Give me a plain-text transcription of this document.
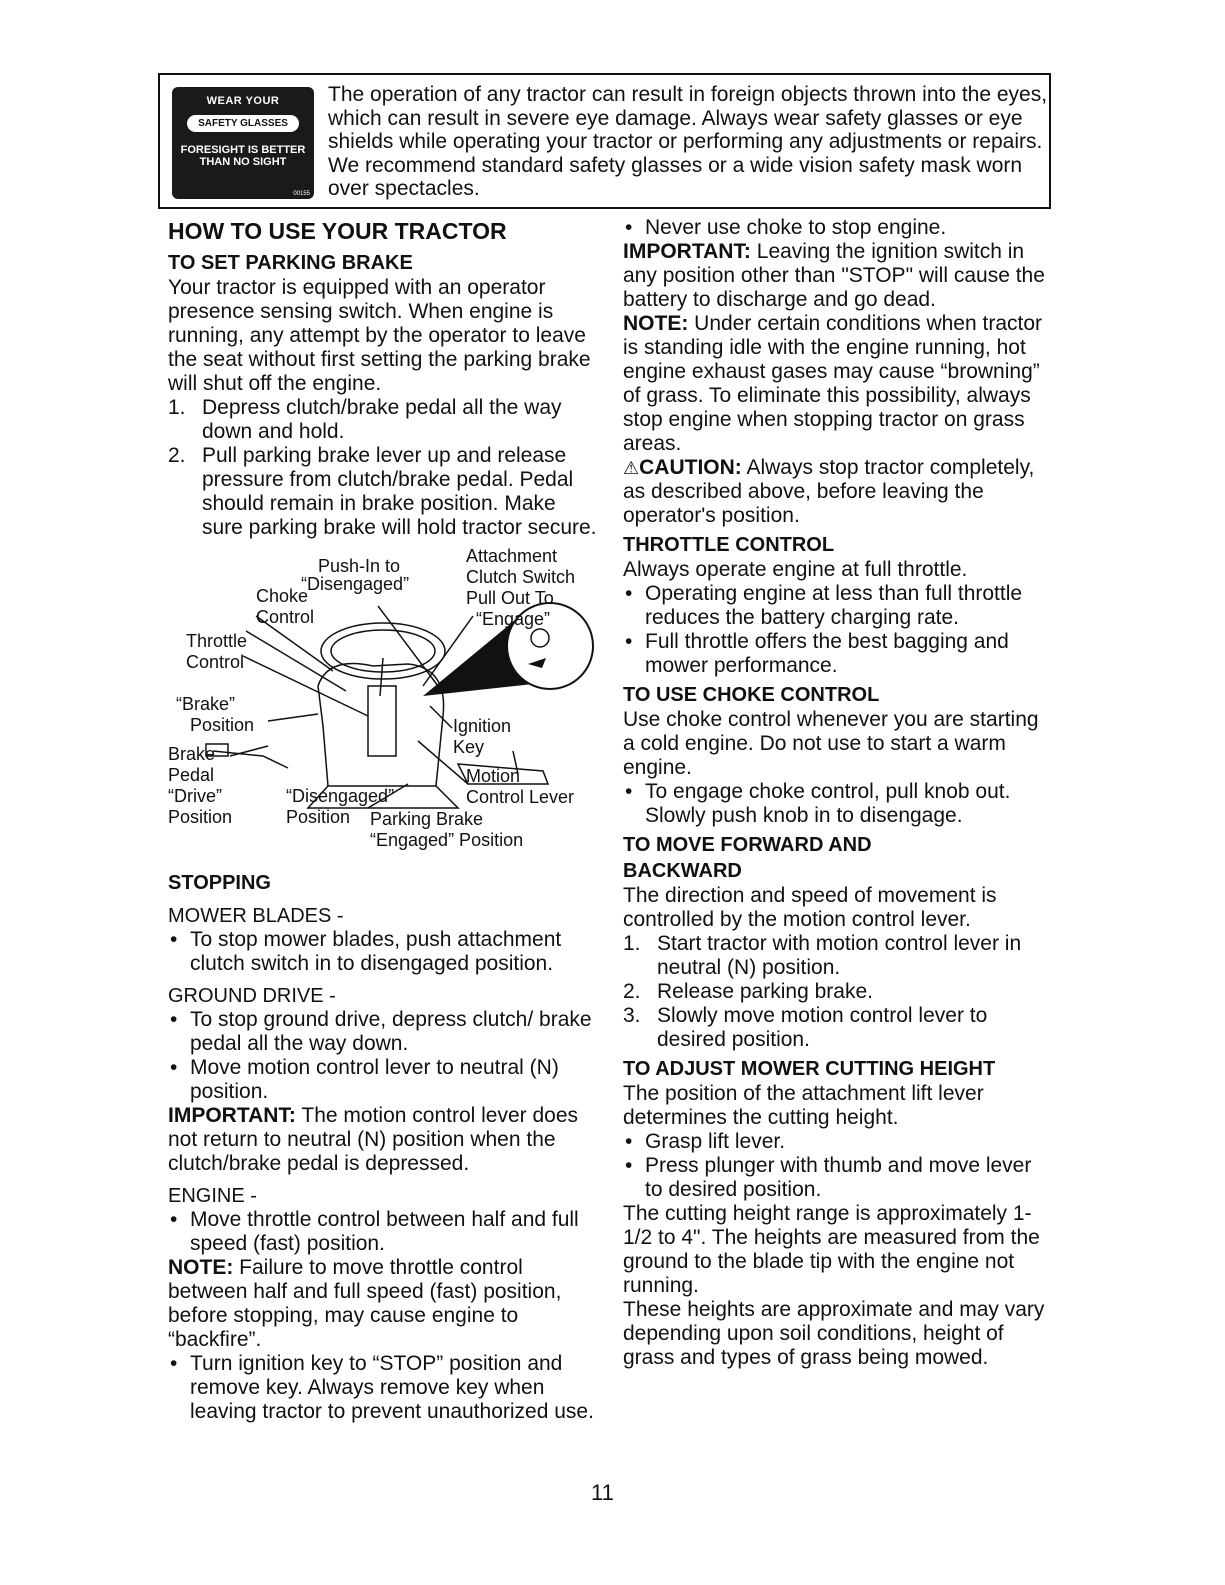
WEAR YOUR
SAFETY GLASSES
FORESIGHT IS BETTER
THAN NO SIGHT
00155

The operation of any tractor can result in foreign objects thrown into the eyes, which can result in severe eye damage. Always wear safety glasses or eye shields while operating your tractor or performing any adjustments or repairs. We recommend standard safety glasses or a wide vision safety mask worn over spectacles.

HOW TO USE YOUR TRACTOR
TO SET PARKING BRAKE

Your tractor is equipped with an operator presence sensing switch. When engine is running, any attempt by the operator to leave the seat without first setting the parking brake will shut off the engine.

1. Depress clutch/brake pedal all the way down and hold.
2. Pull parking brake lever up and release pressure from clutch/brake pedal. Pedal should remain in brake position. Make sure parking brake will hold tractor secure.
Push-In to
“Disengaged”
Choke
Control
Attachment
Clutch Switch
Pull Out To
“Engage”
Throttle
Control
“Brake”
Position	Ignition
Key
Brake
Pedal	Motion
Control Lever
“Drive”
Position
“Disengaged”
Position Parking Brake
“Engaged” Position
STOPPING

MOWER BLADES -

• To stop mower blades, push attachment clutch switch in to disengaged position.

GROUND DRIVE -

• To stop ground drive, depress clutch/ brake pedal all the way down.

• Move motion control lever to neutral (N) position.

IMPORTANT: The motion control lever does not return to neutral (N) position when the clutch/brake pedal is depressed.

ENGINE -

• Move throttle control between half and full speed (fast) position.

NOTE: Failure to move throttle control between half and full speed (fast) position, before stopping, may cause engine to “backfire”.

• Turn ignition key to “STOP” position and remove key. Always remove key when leaving tractor to prevent unauthorized use.

• Never use choke to stop engine.

IMPORTANT: Leaving the ignition switch in any position other than "STOP" will cause the battery to discharge and go dead.

NOTE: Under certain conditions when tractor is standing idle with the engine running, hot engine exhaust gases may cause “browning” of grass. To eliminate this possibility, always stop engine when stopping tractor on grass areas.

⚠CAUTION: Always stop tractor completely, as described above, before leaving the operator's position.

THROTTLE CONTROL

Always operate engine at full throttle.

• Operating engine at less than full throttle reduces the battery charging rate.

• Full throttle offers the best bagging and mower performance.

TO USE CHOKE CONTROL

Use choke control whenever you are starting a cold engine. Do not use to start a warm engine.

• To engage choke control, pull knob out. Slowly push knob in to disengage.

TO MOVE FORWARD AND
BACKWARD

The direction and speed of movement is controlled by the motion control lever.

1. Start tractor with motion control lever in neutral (N) position.
2. Release parking brake.
3. Slowly move motion control lever to desired position.
TO ADJUST MOWER CUTTING HEIGHT

The position of the attachment lift lever determines the cutting height.

• Grasp lift lever.

• Press plunger with thumb and move lever to desired position.

The cutting height range is approximately 1-1/2 to 4". The heights are measured from the ground to the blade tip with the engine not running.

These heights are approximate and may vary depending upon soil conditions, height of grass and types of grass being mowed.

11
